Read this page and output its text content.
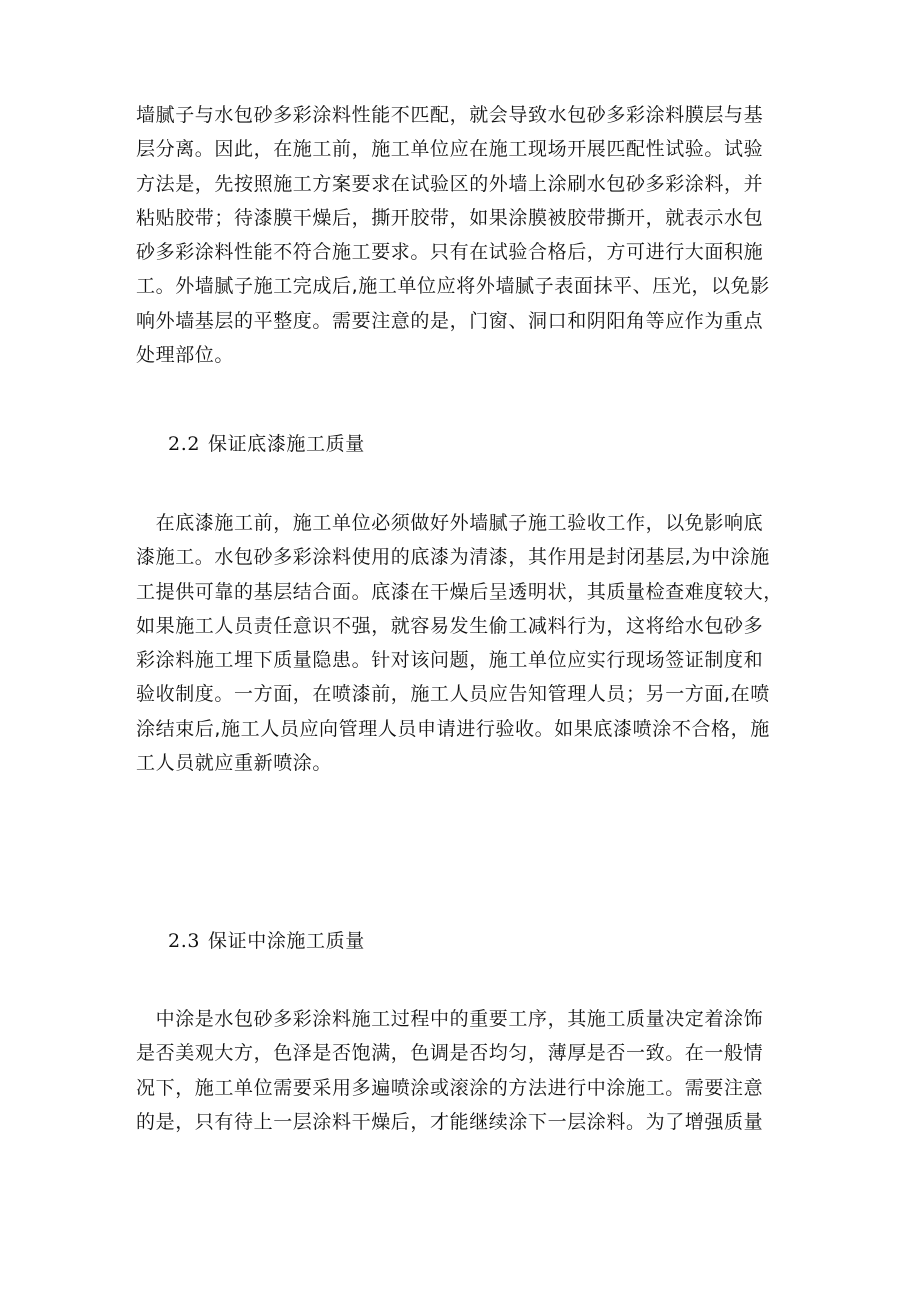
墙腻子与水包砂多彩涂料性能不匹配，就会导致水包砂多彩涂料膜层与基
层分离。因此，在施工前，施工单位应在施工现场开展匹配性试验。试验
方法是，先按照施工方案要求在试验区的外墙上涂刷水包砂多彩涂料，并
粘贴胶带；待漆膜干燥后，撕开胶带，如果涂膜被胶带撕开，就表示水包
砂多彩涂料性能不符合施工要求。只有在试验合格后，方可进行大面积施
工。外墙腻子施工完成后,施工单位应将外墙腻子表面抹平、压光，以免影
响外墙基层的平整度。需要注意的是，门窗、洞口和阴阳角等应作为重点
处理部位。
2.2 保证底漆施工质量
　在底漆施工前，施工单位必须做好外墙腻子施工验收工作，以免影响底
漆施工。水包砂多彩涂料使用的底漆为清漆，其作用是封闭基层,为中涂施
工提供可靠的基层结合面。底漆在干燥后呈透明状，其质量检查难度较大，
如果施工人员责任意识不强，就容易发生偷工减料行为，这将给水包砂多
彩涂料施工埋下质量隐患。针对该问题，施工单位应实行现场签证制度和
验收制度。一方面，在喷漆前，施工人员应告知管理人员；另一方面,在喷
涂结束后,施工人员应向管理人员申请进行验收。如果底漆喷涂不合格，施
工人员就应重新喷涂。
2.3 保证中涂施工质量
　中涂是水包砂多彩涂料施工过程中的重要工序，其施工质量决定着涂饰
是否美观大方，色泽是否饱满，色调是否均匀，薄厚是否一致。在一般情
况下，施工单位需要采用多遍喷涂或滚涂的方法进行中涂施工。需要注意
的是，只有待上一层涂料干燥后，才能继续涂下一层涂料。为了增强质量
